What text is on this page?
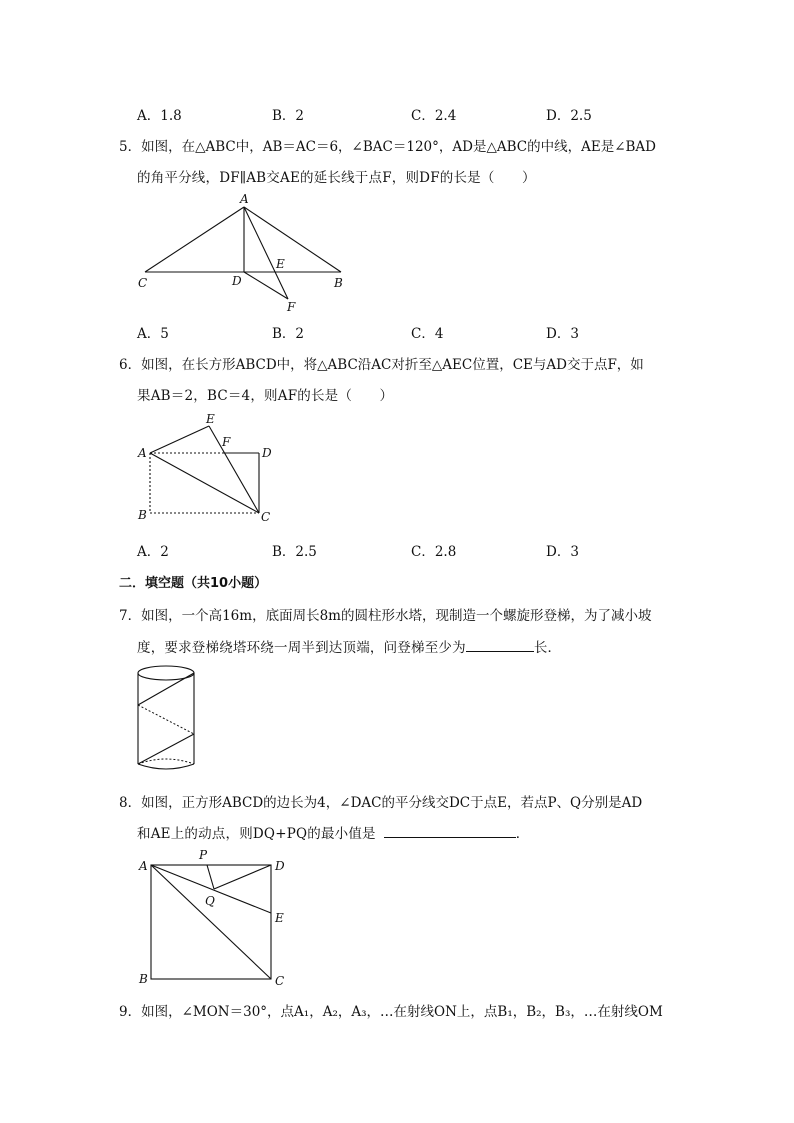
A．1.8	B．2	C．2.4	D．2.5
5．如图，在△ABC中，AB＝AC＝6，∠BAC＝120°，AD是△ABC的中线，AE是∠BAD
的角平分线，DF∥AB交AE的延长线于点F，则DF的长是（　　）
A
C	D
E
B
F
A．5	B．2	C．4	D．3
6．如图，在长方形ABCD中，将△ABC沿AC对折至△AEC位置，CE与AD交于点F，如
果AB＝2，BC＝4，则AF的长是（　　）
E
F
A	D
B	C
A．2	B．2.5	C．2.8	D．3
二．填空题（共10小题）
7．如图，一个高16m，底面周长8m的圆柱形水塔，现制造一个螺旋形登梯，为了减小坡
度，要求登梯绕塔环绕一周半到达顶端，问登梯至少为	长．
8．如图，正方形ABCD的边长为4，∠DAC的平分线交DC于点E，若点P、Q分别是AD
和AE上的动点，则DQ+PQ的最小值是	．
P
A	D
Q
E
B	C
9．如图，∠MON＝30°，点A₁，A₂，A₃，…在射线ON上，点B₁，B₂，B₃，…在射线OM
